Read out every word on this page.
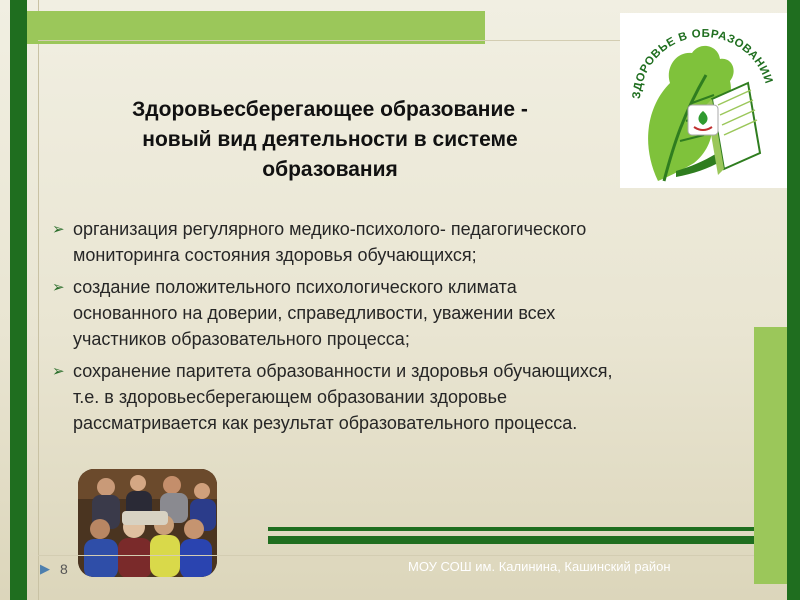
Здоровьесберегающее образование -
новый вид деятельности в системе
образования
ЗДОРОВЬЕ В ОБРАЗОВАНИИ
➢ организация регулярного медико-психолого- педагогического
мониторинга состояния здоровья обучающихся;
➢ создание положительного психологического климата
основанного на доверии, справедливости, уважении всех
участников образовательного процесса;
➢ сохранение паритета образованности и здоровья обучающихся,
т.е. в здоровьесберегающем образовании здоровье
рассматривается как результат образовательного процесса.
▶ 8	МОУ СОШ им. Калинина, Кашинский район
